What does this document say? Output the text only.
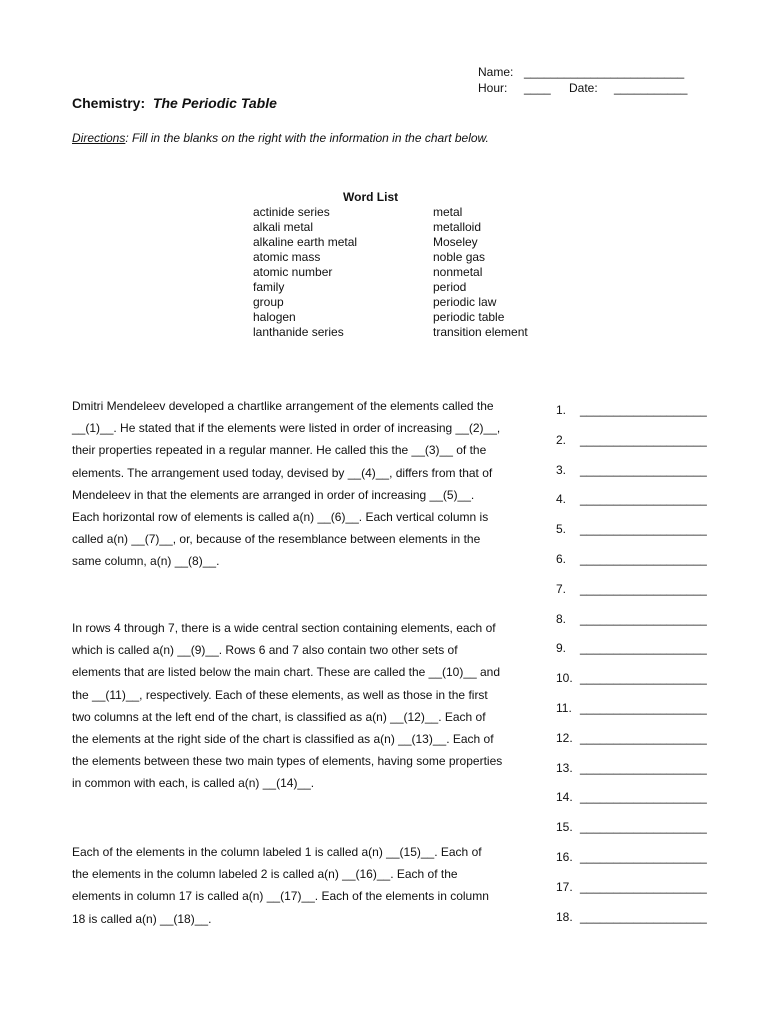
Name: ________________________
Hour: ____ Date: ___________
Chemistry: The Periodic Table
Directions: Fill in the blanks on the right with the information in the chart below.
Word List
actinide series
alkali metal
alkaline earth metal
atomic mass
atomic number
family
group
halogen
lanthanide series
metal
metalloid
Moseley
noble gas
nonmetal
period
periodic law
periodic table
transition element
Dmitri Mendeleev developed a chartlike arrangement of the elements called the
__(1)__. He stated that if the elements were listed in order of increasing __(2)__,
their properties repeated in a regular manner. He called this the __(3)__ of the
elements. The arrangement used today, devised by __(4)__, differs from that of
Mendeleev in that the elements are arranged in order of increasing __(5)__.
Each horizontal row of elements is called a(n) __(6)__. Each vertical column is
called a(n) __(7)__, or, because of the resemblance between elements in the
same column, a(n) __(8)__.
In rows 4 through 7, there is a wide central section containing elements, each of
which is called a(n) __(9)__. Rows 6 and 7 also contain two other sets of
elements that are listed below the main chart. These are called the __(10)__ and
the __(11)__, respectively. Each of these elements, as well as those in the first
two columns at the left end of the chart, is classified as a(n) __(12)__. Each of
the elements at the right side of the chart is classified as a(n) __(13)__. Each of
the elements between these two main types of elements, having some properties
in common with each, is called a(n) __(14)__.
Each of the elements in the column labeled 1 is called a(n) __(15)__. Each of
the elements in the column labeled 2 is called a(n) __(16)__. Each of the
elements in column 17 is called a(n) __(17)__. Each of the elements in column
18 is called a(n) __(18)__.
1. ___________________
2. ___________________
3. ___________________
4. ___________________
5. ___________________
6. ___________________
7. ___________________
8. ___________________
9. ___________________
10. ___________________
11. ___________________
12. ___________________
13. ___________________
14. ___________________
15. ___________________
16. ___________________
17. ___________________
18. ___________________
